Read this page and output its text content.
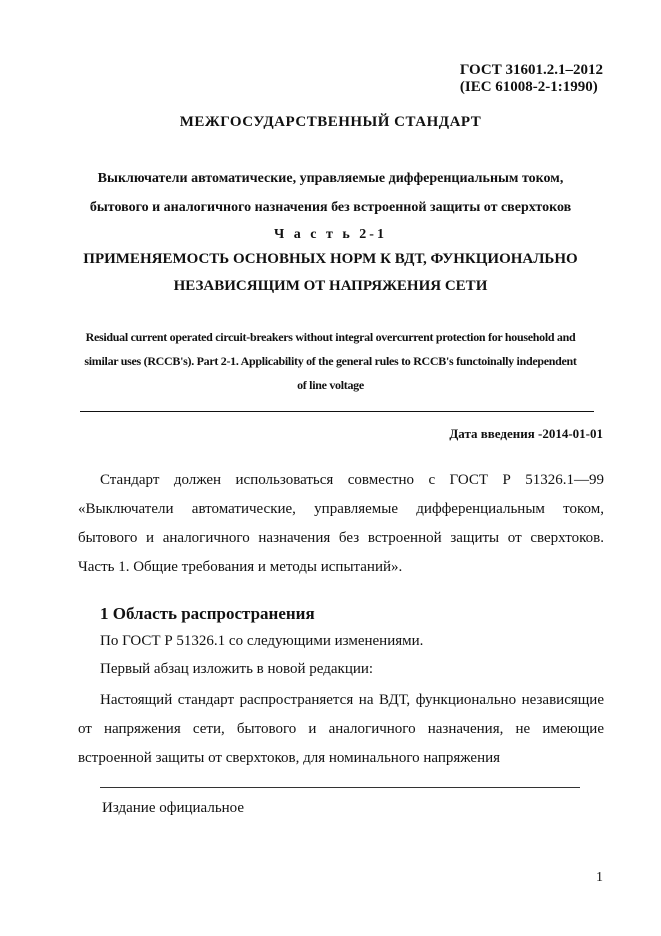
ГОСТ 31601.2.1–2012
(IEC 61008-2-1:1990)
МЕЖГОСУДАРСТВЕННЫЙ СТАНДАРТ
Выключатели автоматические, управляемые дифференциальным током,
бытового и аналогичного назначения без встроенной защиты от сверхтоков
Ч а с т ь 2-1
ПРИМЕНЯЕМОСТЬ ОСНОВНЫХ НОРМ К ВДТ, ФУНКЦИОНАЛЬНО
НЕЗАВИСЯЩИМ ОТ НАПРЯЖЕНИЯ СЕТИ
Residual current operated circuit-breakers without integral overcurrent protection for household and
similar uses (RCCB's). Part 2-1. Applicability of the general rules to RCCB's functoinally independent
of line voltage
Дата введения -2014-01-01

Стандарт должен использоваться совместно с ГОСТ Р 51326.1—99 «Выключатели автоматические, управляемые дифференциальным током, бытового и аналогичного назначения без встроенной защиты от сверхтоков. Часть 1. Общие требования и методы испытаний».

1 Область распространения
По ГОСТ Р 51326.1 со следующими изменениями.
Первый абзац изложить в новой редакции:

Настоящий стандарт распространяется на ВДТ, функционально независящие от напряжения сети, бытового и аналогичного назначения, не имеющие встроенной защиты от сверхтоков, для номинального напряжения

Издание официальное
1
